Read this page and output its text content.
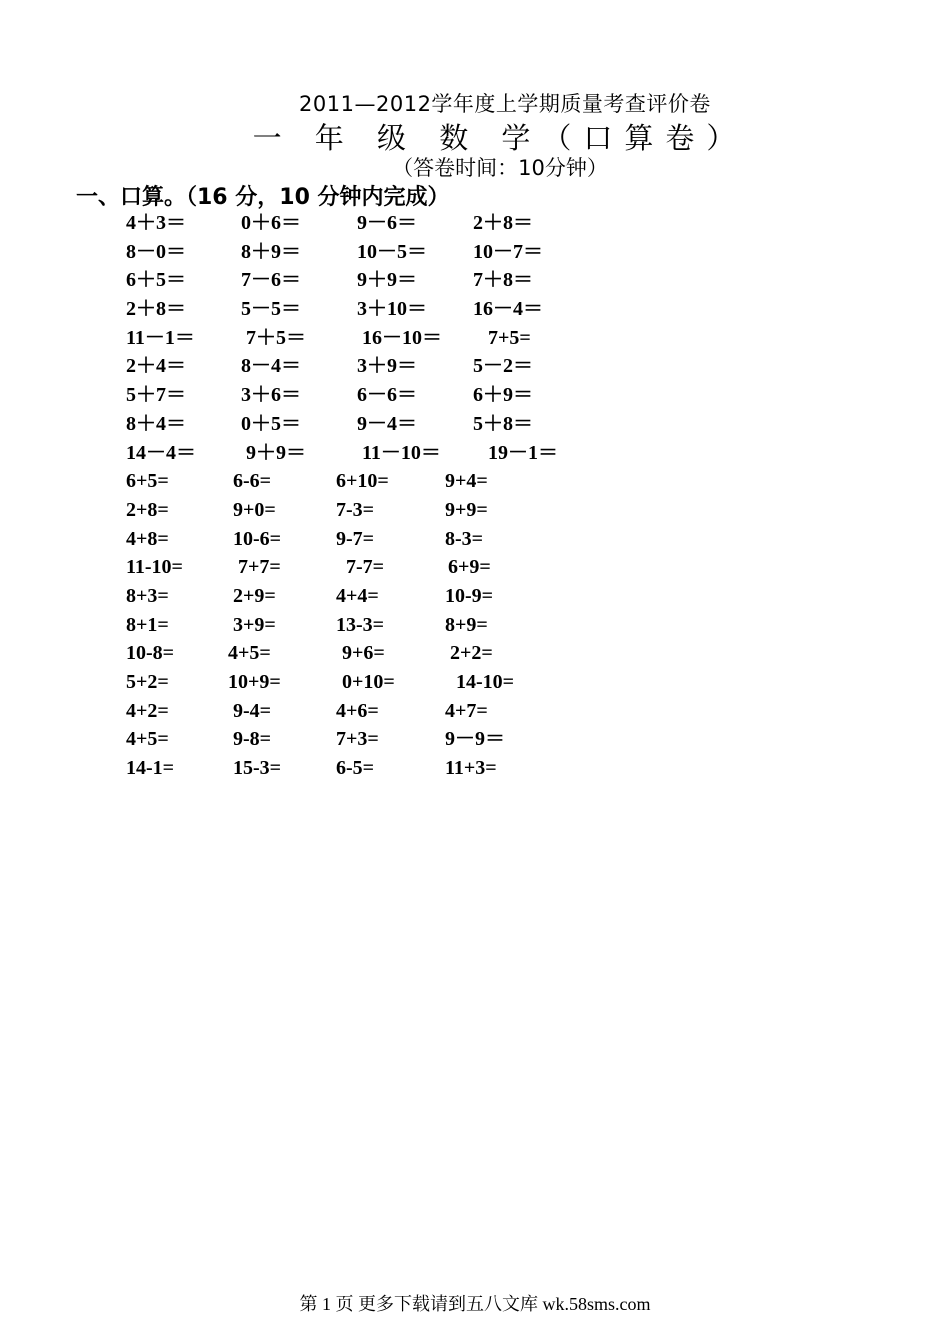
2011—2012学年度上学期质量考查评价卷
一 年 级 数 学（口算卷）
（答卷时间：10分钟）
一、口算。（16 分，10 分钟内完成）
4＋3＝	0＋6＝	9－6＝	2＋8＝
8－0＝	8＋9＝	10－5＝ 10－7＝
6＋5＝	7－6＝	9＋9＝	7＋8＝
2＋8＝	5－5＝	3＋10＝ 16－4＝
11－1＝	7＋5＝	16－10＝ 7+5=
2＋4＝	8－4＝	3＋9＝	5－2＝
5＋7＝	3＋6＝	6－6＝	6＋9＝
8＋4＝	0＋5＝	9－4＝	5＋8＝
14－4＝	9＋9＝	11－10＝ 19－1＝
6+5=	6-6=	6+10=	9+4=
2+8=	9+0=	7-3=	9+9=
4+8=	10-6=	9-7=	8-3=
11-10=	7+7=	7-7=	6+9=
8+3=	2+9=	4+4=	10-9=
8+1=	3+9=	13-3=	8+9=
10-8=	4+5=	9+6=	2+2=
5+2=	10+9=	0+10=	14-10=
4+2=	9-4=	4+6=	4+7=
4+5=	9-8=	7+3=	9－9＝
14-1=	15-3=	6-5=	11+3=
第 1 页 更多下载请到五八文库 wk.58sms.com
